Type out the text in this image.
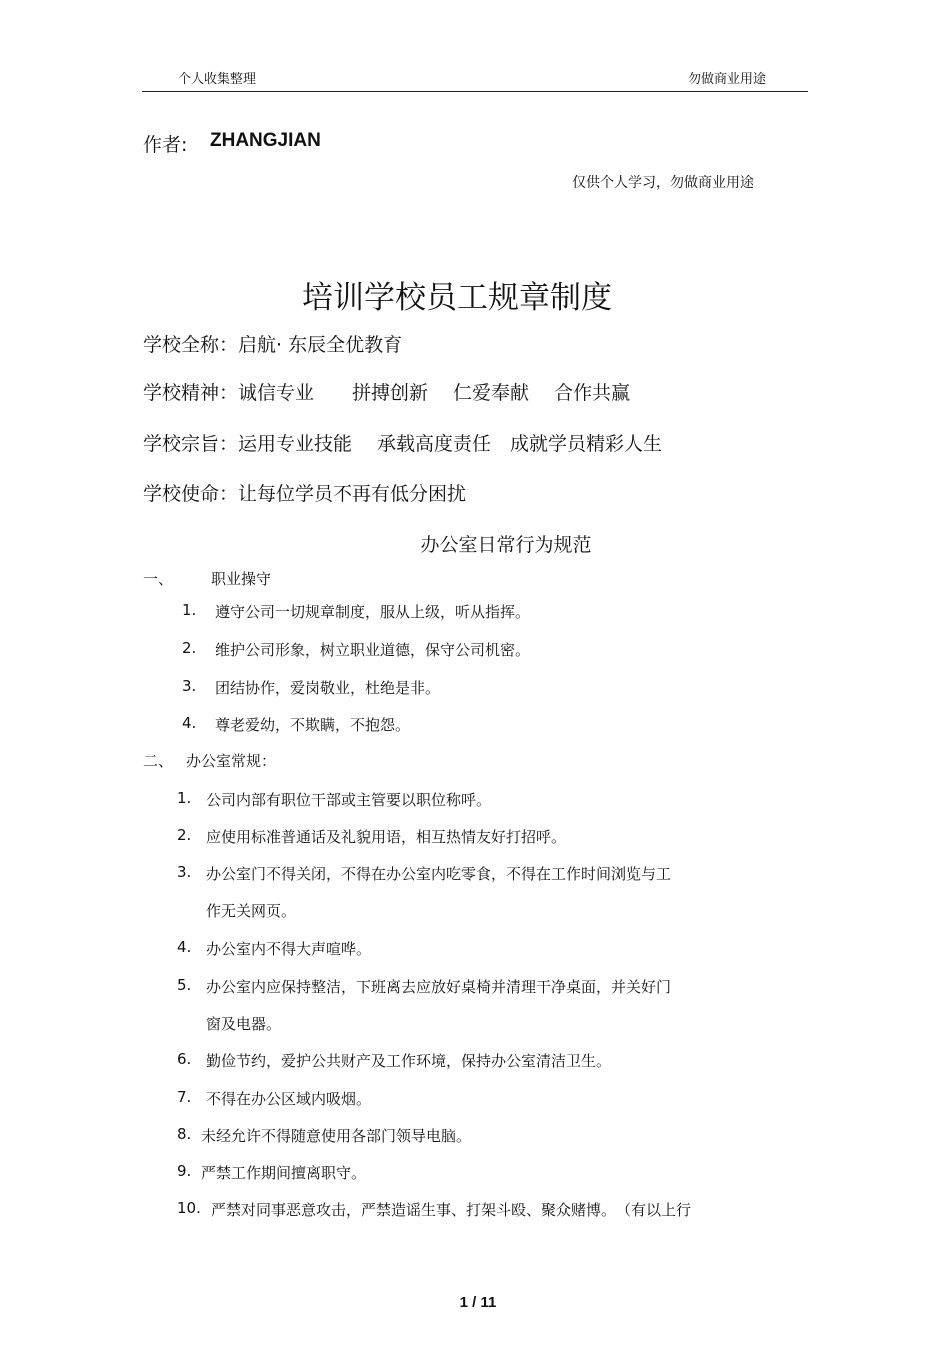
个人收集整理	勿做商业用途
作者: ZHANGJIAN
仅供个人学习，勿做商业用途
培训学校员工规章制度
学校全称：启航· 东辰全优教育
学校精神：诚信专业　　拼搏创新　 仁爱奉献　 合作共赢
学校宗旨：运用专业技能　 承载高度责任　成就学员精彩人生
学校使命：让每位学员不再有低分困扰
办公室日常行为规范
一、	职业操守
1. 遵守公司一切规章制度，服从上级，听从指挥。
2. 维护公司形象，树立职业道德，保守公司机密。
3. 团结协作，爱岗敬业，杜绝是非。
4. 尊老爱幼，不欺瞒，不抱怨。
二、 办公室常规：
1. 公司内部有职位干部或主管要以职位称呼。
2. 应使用标准普通话及礼貌用语，相互热情友好打招呼。
3. 办公室门不得关闭，不得在办公室内吃零食，不得在工作时间浏览与工
作无关网页。
4. 办公室内不得大声喧哗。
5. 办公室内应保持整洁，下班离去应放好桌椅并清理干净桌面，并关好门
窗及电器。
6. 勤俭节约，爱护公共财产及工作环境，保持办公室清洁卫生。
7. 不得在办公区域内吸烟。
8. 未经允许不得随意使用各部门领导电脑。
9. 严禁工作期间擅离职守。
10. 严禁对同事恶意攻击，严禁造谣生事、打架斗殴、聚众赌博。　（有以上行
1 / 11
